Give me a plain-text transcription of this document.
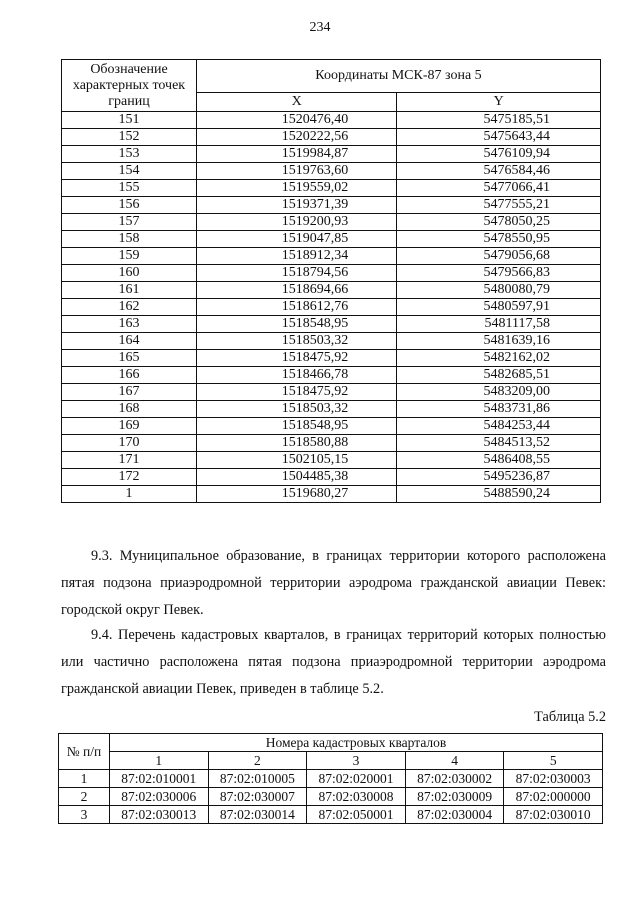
234
Обозначение характерных точек границ	Координаты МСК-87 зона 5	
	X	Y
151	1520476,40	5475185,51
152	1520222,56	5475643,44
153	1519984,87	5476109,94
154	1519763,60	5476584,46
155	1519559,02	5477066,41
156	1519371,39	5477555,21
157	1519200,93	5478050,25
158	1519047,85	5478550,95
159	1518912,34	5479056,68
160	1518794,56	5479566,83
161	1518694,66	5480080,79
162	1518612,76	5480597,91
163	1518548,95	5481117,58
164	1518503,32	5481639,16
165	1518475,92	5482162,02
166	1518466,78	5482685,51
167	1518475,92	5483209,00
168	1518503,32	5483731,86
169	1518548,95	5484253,44
170	1518580,88	5484513,52
171	1502105,15	5486408,55
172	1504485,38	5495236,87
1	1519680,27	5488590,24

9.3. Муниципальное образование, в границах территории которого расположена пятая подзона приаэродромной территории аэродрома гражданской авиации Певек: городской округ Певек.

9.4. Перечень кадастровых кварталов, в границах территорий которых полностью или частично расположена пятая подзона приаэродромной территории аэродрома гражданской авиации Певек, приведен в таблице 5.2.

Таблица 5.2
№ п/п	Номера кадастровых кварталов				
	1	2	3	4	5
1	87:02:010001	87:02:010005	87:02:020001	87:02:030002	87:02:030003
2	87:02:030006	87:02:030007	87:02:030008	87:02:030009	87:02:000000
3	87:02:030013	87:02:030014	87:02:050001	87:02:030004	87:02:030010
